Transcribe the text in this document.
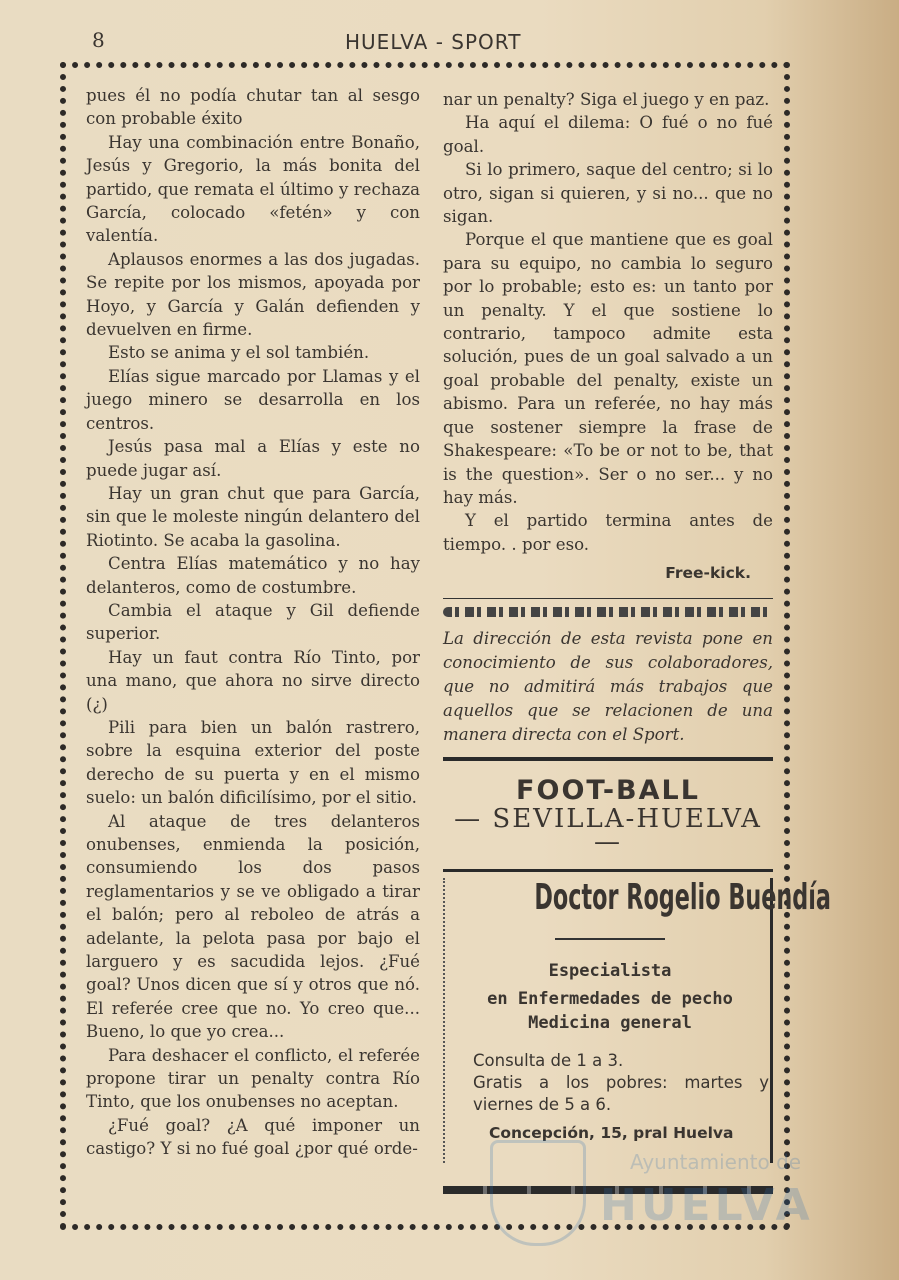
8	HUELVA - SPORT

pues él no podía chutar tan al sesgo con probable éxito

Hay una combinación entre Bonaño, Jesús y Gregorio, la más bonita del partido, que remata el último y rechaza García, colocado «fetén» y con valentía.

Aplausos enormes a las dos jugadas. Se repite por los mismos, apoyada por Hoyo, y García y Galán defienden y devuelven en firme.

Esto se anima y el sol también.

Elías sigue marcado por Llamas y el juego minero se desarrolla en los centros.

Jesús pasa mal a Elías y este no puede jugar así.

Hay un gran chut que para García, sin que le moleste ningún delantero del Riotinto. Se acaba la gasolina.

Centra Elías matemático y no hay delanteros, como de costumbre.

Cambia el ataque y Gil defiende superior.

Hay un faut contra Río Tinto, por una mano, que ahora no sirve directo (¿)

Pili para bien un balón rastrero, sobre la esquina exterior del poste derecho de su puerta y en el mismo suelo: un balón dificilísimo, por el sitio.

Al ataque de tres delanteros onubenses, enmienda la posición, consumiendo los dos pasos reglamentarios y se ve obligado a tirar el balón; pero al reboleo de atrás a adelante, la pelota pasa por bajo el larguero y es sacudida lejos. ¿Fué goal? Unos dicen que sí y otros que nó. El referée cree que no. Yo creo que... Bueno, lo que yo crea...

Para deshacer el conflicto, el referée propone tirar un penalty contra Río Tinto, que los onubenses no aceptan.

¿Fué goal? ¿A qué imponer un castigo? Y si no fué goal ¿por qué orde-

nar un penalty? Siga el juego y en paz.

Ha aquí el dilema: O fué o no fué goal.

Si lo primero, saque del centro; si lo otro, sigan si quieren, y si no... que no sigan.

Porque el que mantiene que es goal para su equipo, no cambia lo seguro por lo probable; esto es: un tanto por un penalty. Y el que sostiene lo contrario, tampoco admite esta solución, pues de un goal salvado a un goal probable del penalty, existe un abismo. Para un referée, no hay más que sostener siempre la frase de Shakespeare: «To be or not to be, that is the question». Ser o no ser... y no hay más.

Y el partido termina antes de tiempo. . por eso.

Free-kick.
La dirección de esta revista pone en conocimiento de sus colaboradores, que no admitirá más trabajos que aquellos que se relacionen de una manera directa con el Sport.
FOOT-BALL
— SEVILLA-HUELVA —
Doctor Rogelio Buendía
Especialista
en Enfermedades de pecho
Medicina general
Consulta de 1 a 3.
Gratis a los pobres: martes y viernes de 5 a 6.
Concepción, 15, pral Huelva
Ayuntamiento de
HUELVA
